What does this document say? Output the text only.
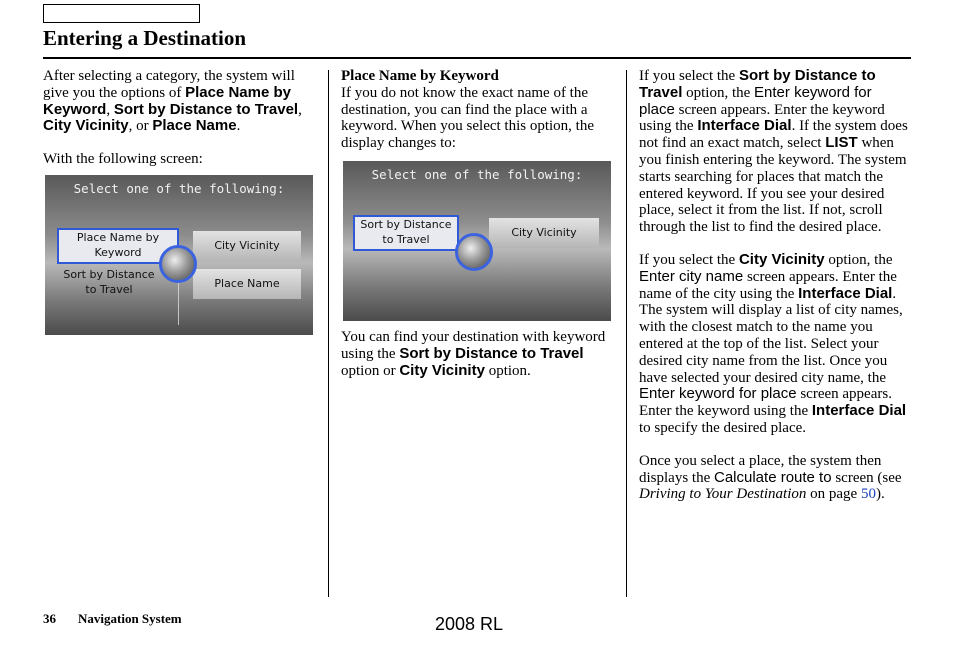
Entering a Destination

After selecting a category, the system will give you the options of Place Name by Keyword, Sort by Distance to Travel, City Vicinity, or Place Name.

With the following screen:

Select one of the following:
Place Name by Keyword
Sort by Distance to Travel
City Vicinity
Place Name

Place Name by Keyword

If you do not know the exact name of the destination, you can find the place with a keyword. When you select this option, the display changes to:

Select one of the following:
Sort by Distance to Travel
City Vicinity

You can find your destination with keyword using the Sort by Distance to Travel option or City Vicinity option.

If you select the Sort by Distance to Travel option, the Enter keyword for place screen appears. Enter the keyword using the Interface Dial. If the system does not find an exact match, select LIST when you finish entering the keyword. The system starts searching for places that match the entered keyword. If you see your desired place, select it from the list. If not, scroll through the list to find the desired place.

If you select the City Vicinity option, the Enter city name screen appears. Enter the name of the city using the Interface Dial. The system will display a list of city names, with the closest match to the name you entered at the top of the list. Select your desired city name from the list. Once you have selected your desired city name, the Enter keyword for place screen appears. Enter the keyword using the Interface Dial to specify the desired place.

Once you select a place, the system then displays the Calculate route to screen (see Driving to Your Destination on page 50).

36 Navigation System	2008 RL
